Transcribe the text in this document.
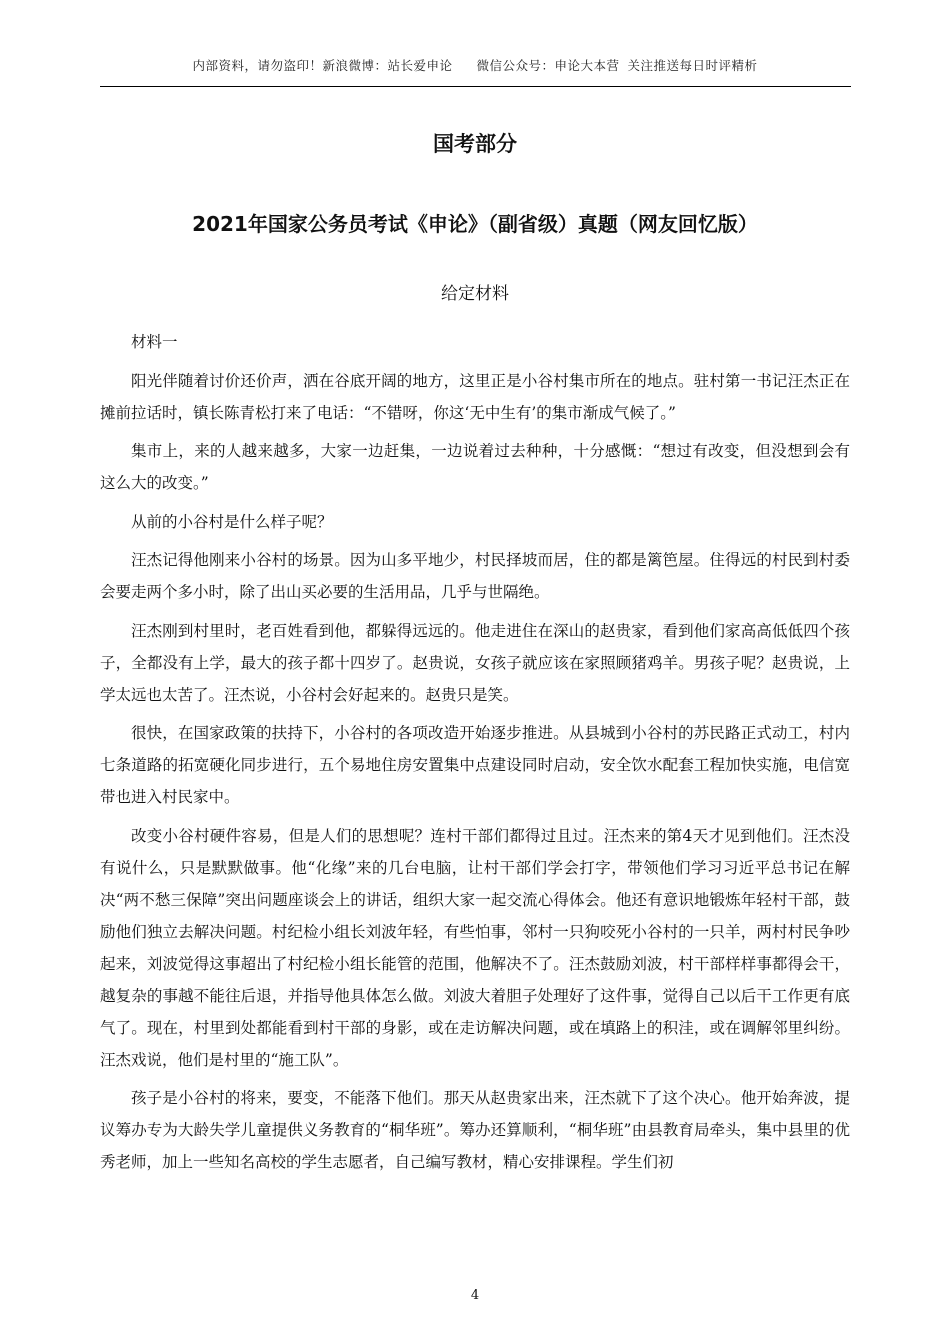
内部资料，请勿盗印！新浪微博：站长爱申论 微信公众号：申论大本营 关注推送每日时评精析
国考部分
2021年国家公务员考试《申论》（副省级）真题（网友回忆版）
给定材料

材料一

阳光伴随着讨价还价声，洒在谷底开阔的地方，这里正是小谷村集市所在的地点。驻村第一书记汪杰正在摊前拉话时，镇长陈青松打来了电话：“不错呀，你这‘无中生有’的集市渐成气候了。”

集市上，来的人越来越多，大家一边赶集，一边说着过去种种，十分感慨：“想过有改变，但没想到会有这么大的改变。”

从前的小谷村是什么样子呢？

汪杰记得他刚来小谷村的场景。因为山多平地少，村民择坡而居，住的都是篱笆屋。住得远的村民到村委会要走两个多小时，除了出山买必要的生活用品，几乎与世隔绝。

汪杰刚到村里时，老百姓看到他，都躲得远远的。他走进住在深山的赵贵家，看到他们家高高低低四个孩子，全都没有上学，最大的孩子都十四岁了。赵贵说，女孩子就应该在家照顾猪鸡羊。男孩子呢？赵贵说，上学太远也太苦了。汪杰说，小谷村会好起来的。赵贵只是笑。

很快，在国家政策的扶持下，小谷村的各项改造开始逐步推进。从县城到小谷村的苏民路正式动工，村内七条道路的拓宽硬化同步进行，五个易地住房安置集中点建设同时启动，安全饮水配套工程加快实施，电信宽带也进入村民家中。

改变小谷村硬件容易，但是人们的思想呢？连村干部们都得过且过。汪杰来的第4天才见到他们。汪杰没有说什么，只是默默做事。他“化缘”来的几台电脑，让村干部们学会打字，带领他们学习习近平总书记在解决“两不愁三保障”突出问题座谈会上的讲话，组织大家一起交流心得体会。他还有意识地锻炼年轻村干部，鼓励他们独立去解决问题。村纪检小组长刘波年轻，有些怕事，邻村一只狗咬死小谷村的一只羊，两村村民争吵起来，刘波觉得这事超出了村纪检小组长能管的范围，他解决不了。汪杰鼓励刘波，村干部样样事都得会干，越复杂的事越不能往后退，并指导他具体怎么做。刘波大着胆子处理好了这件事，觉得自己以后干工作更有底气了。现在，村里到处都能看到村干部的身影，或在走访解决问题，或在填路上的积洼，或在调解邻里纠纷。汪杰戏说，他们是村里的“施工队”。

孩子是小谷村的将来，要变，不能落下他们。那天从赵贵家出来，汪杰就下了这个决心。他开始奔波，提议筹办专为大龄失学儿童提供义务教育的“桐华班”。筹办还算顺利，“桐华班”由县教育局牵头，集中县里的优秀老师，加上一些知名高校的学生志愿者，自己编写教材，精心安排课程。学生们初

4
